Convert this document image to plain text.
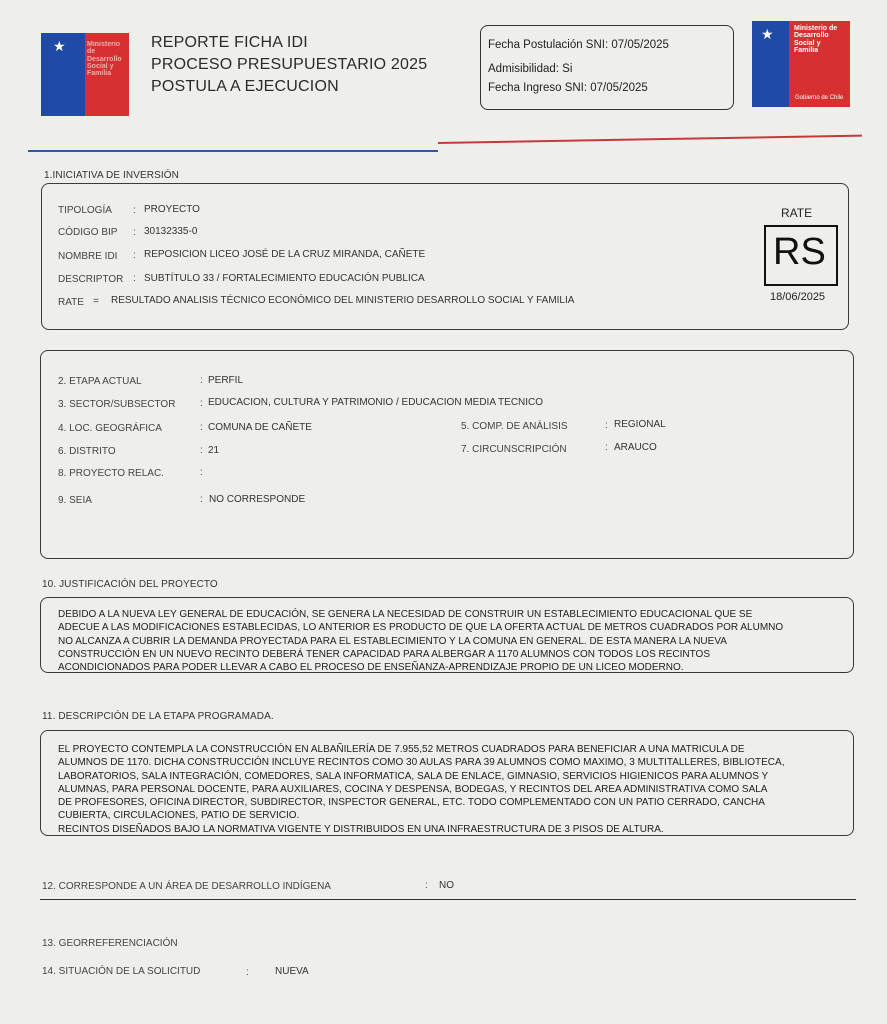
★	Ministerio de Desarrollo Social y Familia
REPORTE FICHA IDI
PROCESO PRESUPUESTARIO 2025
POSTULA A EJECUCION
Fecha Postulación SNI: 07/05/2025
Admisibilidad: Si
Fecha Ingreso SNI: 07/05/2025
★	Ministerio de
Desarrollo
Social y
Familia
Gobierno de Chile
1.INICIATIVA DE INVERSIÓN
TIPOLOGÍA : PROYECTO
CÓDIGO BIP : 30132335-0
NOMBRE IDI : REPOSICION LICEO JOSÉ DE LA CRUZ MIRANDA, CAÑETE
DESCRIPTOR : SUBTÍTULO 33 / FORTALECIMIENTO EDUCACIÓN PUBLICA
RATE = RESULTADO ANALISIS TÉCNICO ECONÓMICO DEL MINISTERIO DESARROLLO SOCIAL Y FAMILIA
RATE
RS
18/06/2025
2. ETAPA ACTUAL	: PERFIL
3. SECTOR/SUBSECTOR : EDUCACION, CULTURA Y PATRIMONIO / EDUCACION MEDIA TECNICO
4. LOC. GEOGRÁFICA	: COMUNA DE CAÑETE
6. DISTRITO	: 21
8. PROYECTO RELAC.	:
9. SEIA	: NO CORRESPONDE
5. COMP. DE ANÁLISIS	: REGIONAL
7. CIRCUNSCRIPCIÓN	: ARAUCO
10. JUSTIFICACIÓN DEL PROYECTO
DEBIDO A LA NUEVA LEY GENERAL DE EDUCACIÓN, SE GENERA LA NECESIDAD DE CONSTRUIR UN ESTABLECIMIENTO EDUCACIONAL QUE SE
ADECUE A LAS MODIFICACIONES ESTABLECIDAS, LO ANTERIOR ES PRODUCTO DE QUE LA OFERTA ACTUAL DE METROS CUADRADOS POR ALUMNO
NO ALCANZA A CUBRIR LA DEMANDA PROYECTADA PARA EL ESTABLECIMIENTO Y LA COMUNA EN GENERAL. DE ESTA MANERA LA NUEVA
CONSTRUCCIÓN EN UN NUEVO RECINTO DEBERÁ TENER CAPACIDAD PARA ALBERGAR A 1170 ALUMNOS CON TODOS LOS RECINTOS
ACONDICIONADOS PARA PODER LLEVAR A CABO EL PROCESO DE ENSEÑANZA-APRENDIZAJE PROPIO DE UN LICEO MODERNO.
11. DESCRIPCIÓN DE LA ETAPA PROGRAMADA.
EL PROYECTO CONTEMPLA LA CONSTRUCCIÓN EN ALBAÑILERÍA DE 7.955,52 METROS CUADRADOS PARA BENEFICIAR A UNA MATRICULA DE
ALUMNOS DE 1170. DICHA CONSTRUCCIÓN INCLUYE RECINTOS COMO 30 AULAS PARA 39 ALUMNOS COMO MAXIMO, 3 MULTITALLERES, BIBLIOTECA,
LABORATORIOS, SALA INTEGRACIÓN, COMEDORES, SALA INFORMATICA, SALA DE ENLACE, GIMNASIO, SERVICIOS HIGIENICOS PARA ALUMNOS Y
ALUMNAS, PARA PERSONAL DOCENTE, PARA AUXILIARES, COCINA Y DESPENSA, BODEGAS, Y RECINTOS DEL AREA ADMINISTRATIVA COMO SALA
DE PROFESORES, OFICINA DIRECTOR, SUBDIRECTOR, INSPECTOR GENERAL, ETC. TODO COMPLEMENTADO CON UN PATIO CERRADO, CANCHA
CUBIERTA, CIRCULACIONES, PATIO DE SERVICIO.
RECINTOS DISEÑADOS BAJO LA NORMATIVA VIGENTE Y DISTRIBUIDOS EN UNA INFRAESTRUCTURA DE 3 PISOS DE ALTURA.
12. CORRESPONDE A UN ÁREA DE DESARROLLO INDÍGENA	: NO
13. GEORREFERENCIACIÓN
14. SITUACIÓN DE LA SOLICITUD	:	NUEVA
